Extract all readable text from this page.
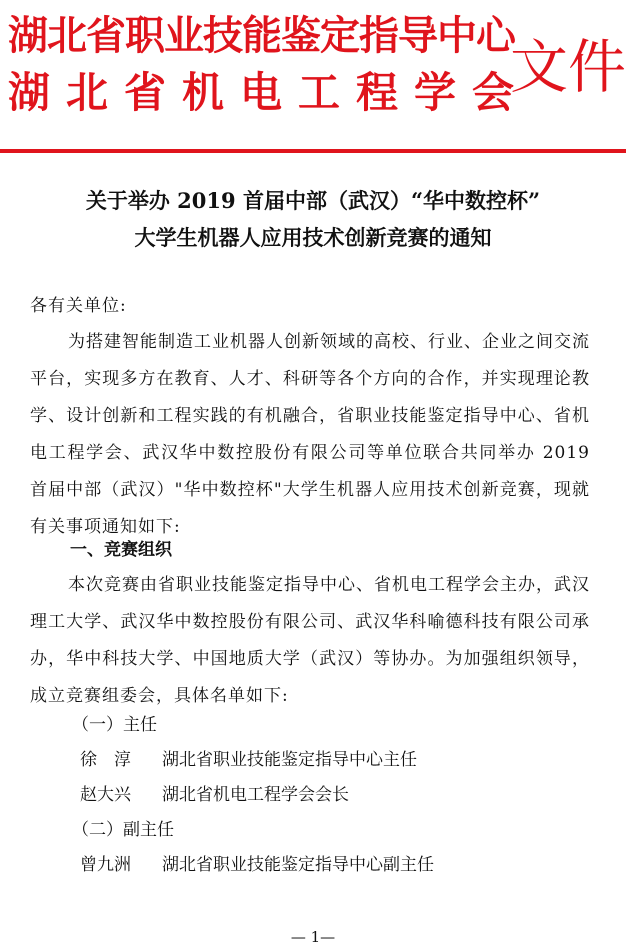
湖北省职业技能鉴定指导中心
湖北省机电工程学会
文件
关于举办 2019 首届中部（武汉）“华中数控杯”
大学生机器人应用技术创新竞赛的通知
各有关单位:
为搭建智能制造工业机器人创新领域的高校、行业、企业之间交流平台，实现多方在教育、人才、科研等各个方向的合作，并实现理论教学、设计创新和工程实践的有机融合，省职业技能鉴定指导中心、省机电工程学会、武汉华中数控股份有限公司等单位联合共同举办 2019 首届中部（武汉）"华中数控杯"大学生机器人应用技术创新竞赛，现就有关事项通知如下:
一、竞赛组织
本次竞赛由省职业技能鉴定指导中心、省机电工程学会主办，武汉理工大学、武汉华中数控股份有限公司、武汉华科喻德科技有限公司承办，华中科技大学、中国地质大学（武汉）等协办。为加强组织领导，成立竞赛组委会，具体名单如下:
（一）主任
徐　淳 湖北省职业技能鉴定指导中心主任
赵大兴 湖北省机电工程学会会长
（二）副主任
曾九洲 湖北省职业技能鉴定指导中心副主任
— 1—
